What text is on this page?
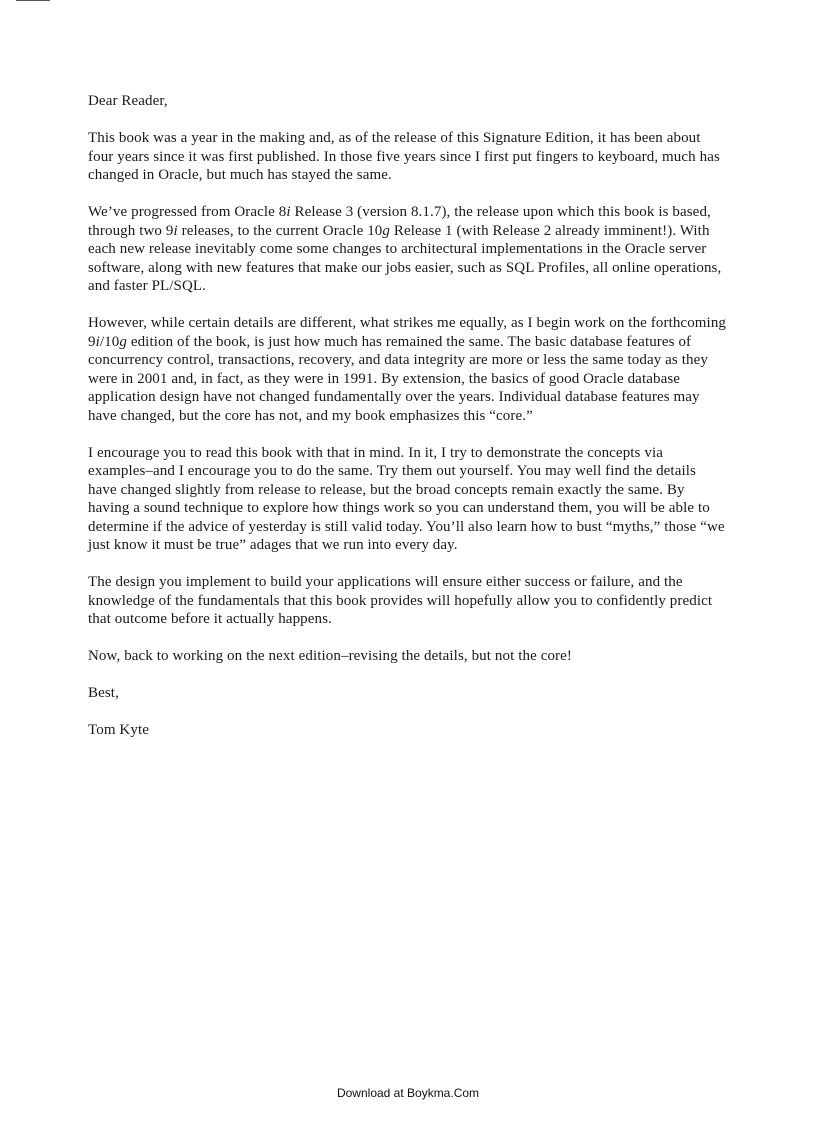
Dear Reader,

This book was a year in the making and, as of the release of this Signature Edition, it has been about four years since it was first published. In those five years since I first put fingers to keyboard, much has changed in Oracle, but much has stayed the same.

We’ve progressed from Oracle 8i Release 3 (version 8.1.7), the release upon which this book is based, through two 9i releases, to the current Oracle 10g Release 1 (with Release 2 already imminent!). With each new release inevitably come some changes to architectural implementations in the Oracle server software, along with new features that make our jobs easier, such as SQL Profiles, all online operations, and faster PL/SQL.

However, while certain details are different, what strikes me equally, as I begin work on the forthcoming 9i/10g edition of the book, is just how much has remained the same. The basic database features of concurrency control, transactions, recovery, and data integrity are more or less the same today as they were in 2001 and, in fact, as they were in 1991. By extension, the basics of good Oracle database application design have not changed fundamentally over the years. Individual database features may have changed, but the core has not, and my book emphasizes this “core.”

I encourage you to read this book with that in mind. In it, I try to demonstrate the concepts via examples–and I encourage you to do the same. Try them out yourself. You may well find the details have changed slightly from release to release, but the broad concepts remain exactly the same. By having a sound technique to explore how things work so you can understand them, you will be able to determine if the advice of yesterday is still valid today. You’ll also learn how to bust “myths,” those “we just know it must be true” adages that we run into every day.

The design you implement to build your applications will ensure either success or failure, and the knowledge of the fundamentals that this book provides will hopefully allow you to confidently predict that outcome before it actually happens.

Now, back to working on the next edition–revising the details, but not the core!

Best,

Tom Kyte

Download at Boykma.Com
